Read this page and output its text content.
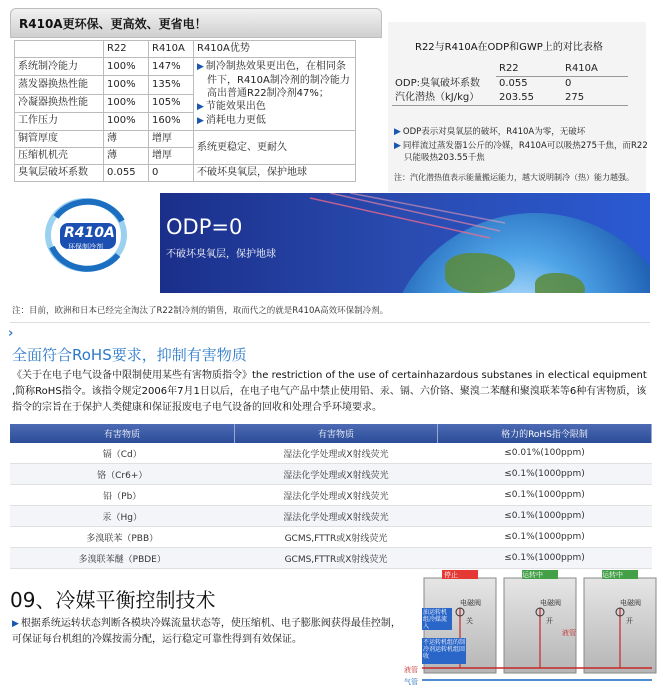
R410A更环保、更高效、更省电！
	R22	R410A	R410A优势
系统制冷能力	100%	147%	▶ 制冷制热效果更出色，在相同条件下，R410A制冷剂的制冷能力高出普通R22制冷剂47%；
▶ 节能效果出色
▶ 消耗电力更低

蒸发器换热性能	100%	135%	
冷凝器换热性能	100%	105%	
工作压力	100%	160%	
铜管厚度	薄	增厚	系统更稳定、更耐久
压缩机机壳	薄	增厚	
臭氧层破坏系数	0.055	0	不破坏臭氧层，保护地球
R22与R410A在ODP和GWP上的对比表格
	R22	R410A
ODP:臭氧破坏系数	0.055	0
汽化潜热（kJ/kg）	203.55	275
▶ ODP表示对臭氧层的破坏，R410A为零，无破坏
▶ 同样流过蒸发器1公斤的冷媒，R410A可以吸热275千焦，而R22只能吸热203.55千焦
注：汽化潜热值表示能量搬运能力，越大说明制冷（热）能力越强。
R410A
环保制冷剂
ODP=0
不破坏臭氧层，保护地球
注：目前，欧洲和日本已经完全淘汰了R22制冷剂的销售，取而代之的就是R410A高效环保制冷剂。
›
全面符合RoHS要求，抑制有害物质
《关于在电子电气设备中限制使用某些有害物质指令》the restriction of the use of certainhazardous substanes in electical equipment ,简称RoHS指令。该指令规定2006年7月1日以后，在电子电气产品中禁止使用铅、汞、镉、六价铬、聚溴二苯醚和聚溴联苯等6种有害物质，该指令的宗旨在于保护人类健康和保证报废电子电气设备的回收和处理合乎环境要求。
有害物质	有害物质	格力的RoHS指令限制
镉（Cd）	湿法化学处理或X射线荧光	≤0.01%(100ppm)
铬（Cr6+）	湿法化学处理或X射线荧光	≤0.1%(1000ppm)
铅（Pb）	湿法化学处理或X射线荧光	≤0.1%(1000ppm)
汞（Hg）	湿法化学处理或X射线荧光	≤0.1%(1000ppm)
多溴联苯（PBB）	GCMS,FTTR或X射线荧光	≤0.1%(1000ppm)
多溴联苯醚（PBDE）	GCMS,FTTR或X射线荧光	≤0.1%(1000ppm)
09、冷媒平衡控制技术
▶ 根据系统运转状态判断各模块冷媒流量状态等，使压缩机、电子膨胀阀获得最佳控制，可保证每台机组的冷媒按需分配，运行稳定可靠性得到有效保证。
停止	运转中	运转中
电磁阀	电磁阀	电磁阀
关	开	开
油运转机组冷媒流入
不运转机组的制冷剂运转机组回收
液管
气管
液管
